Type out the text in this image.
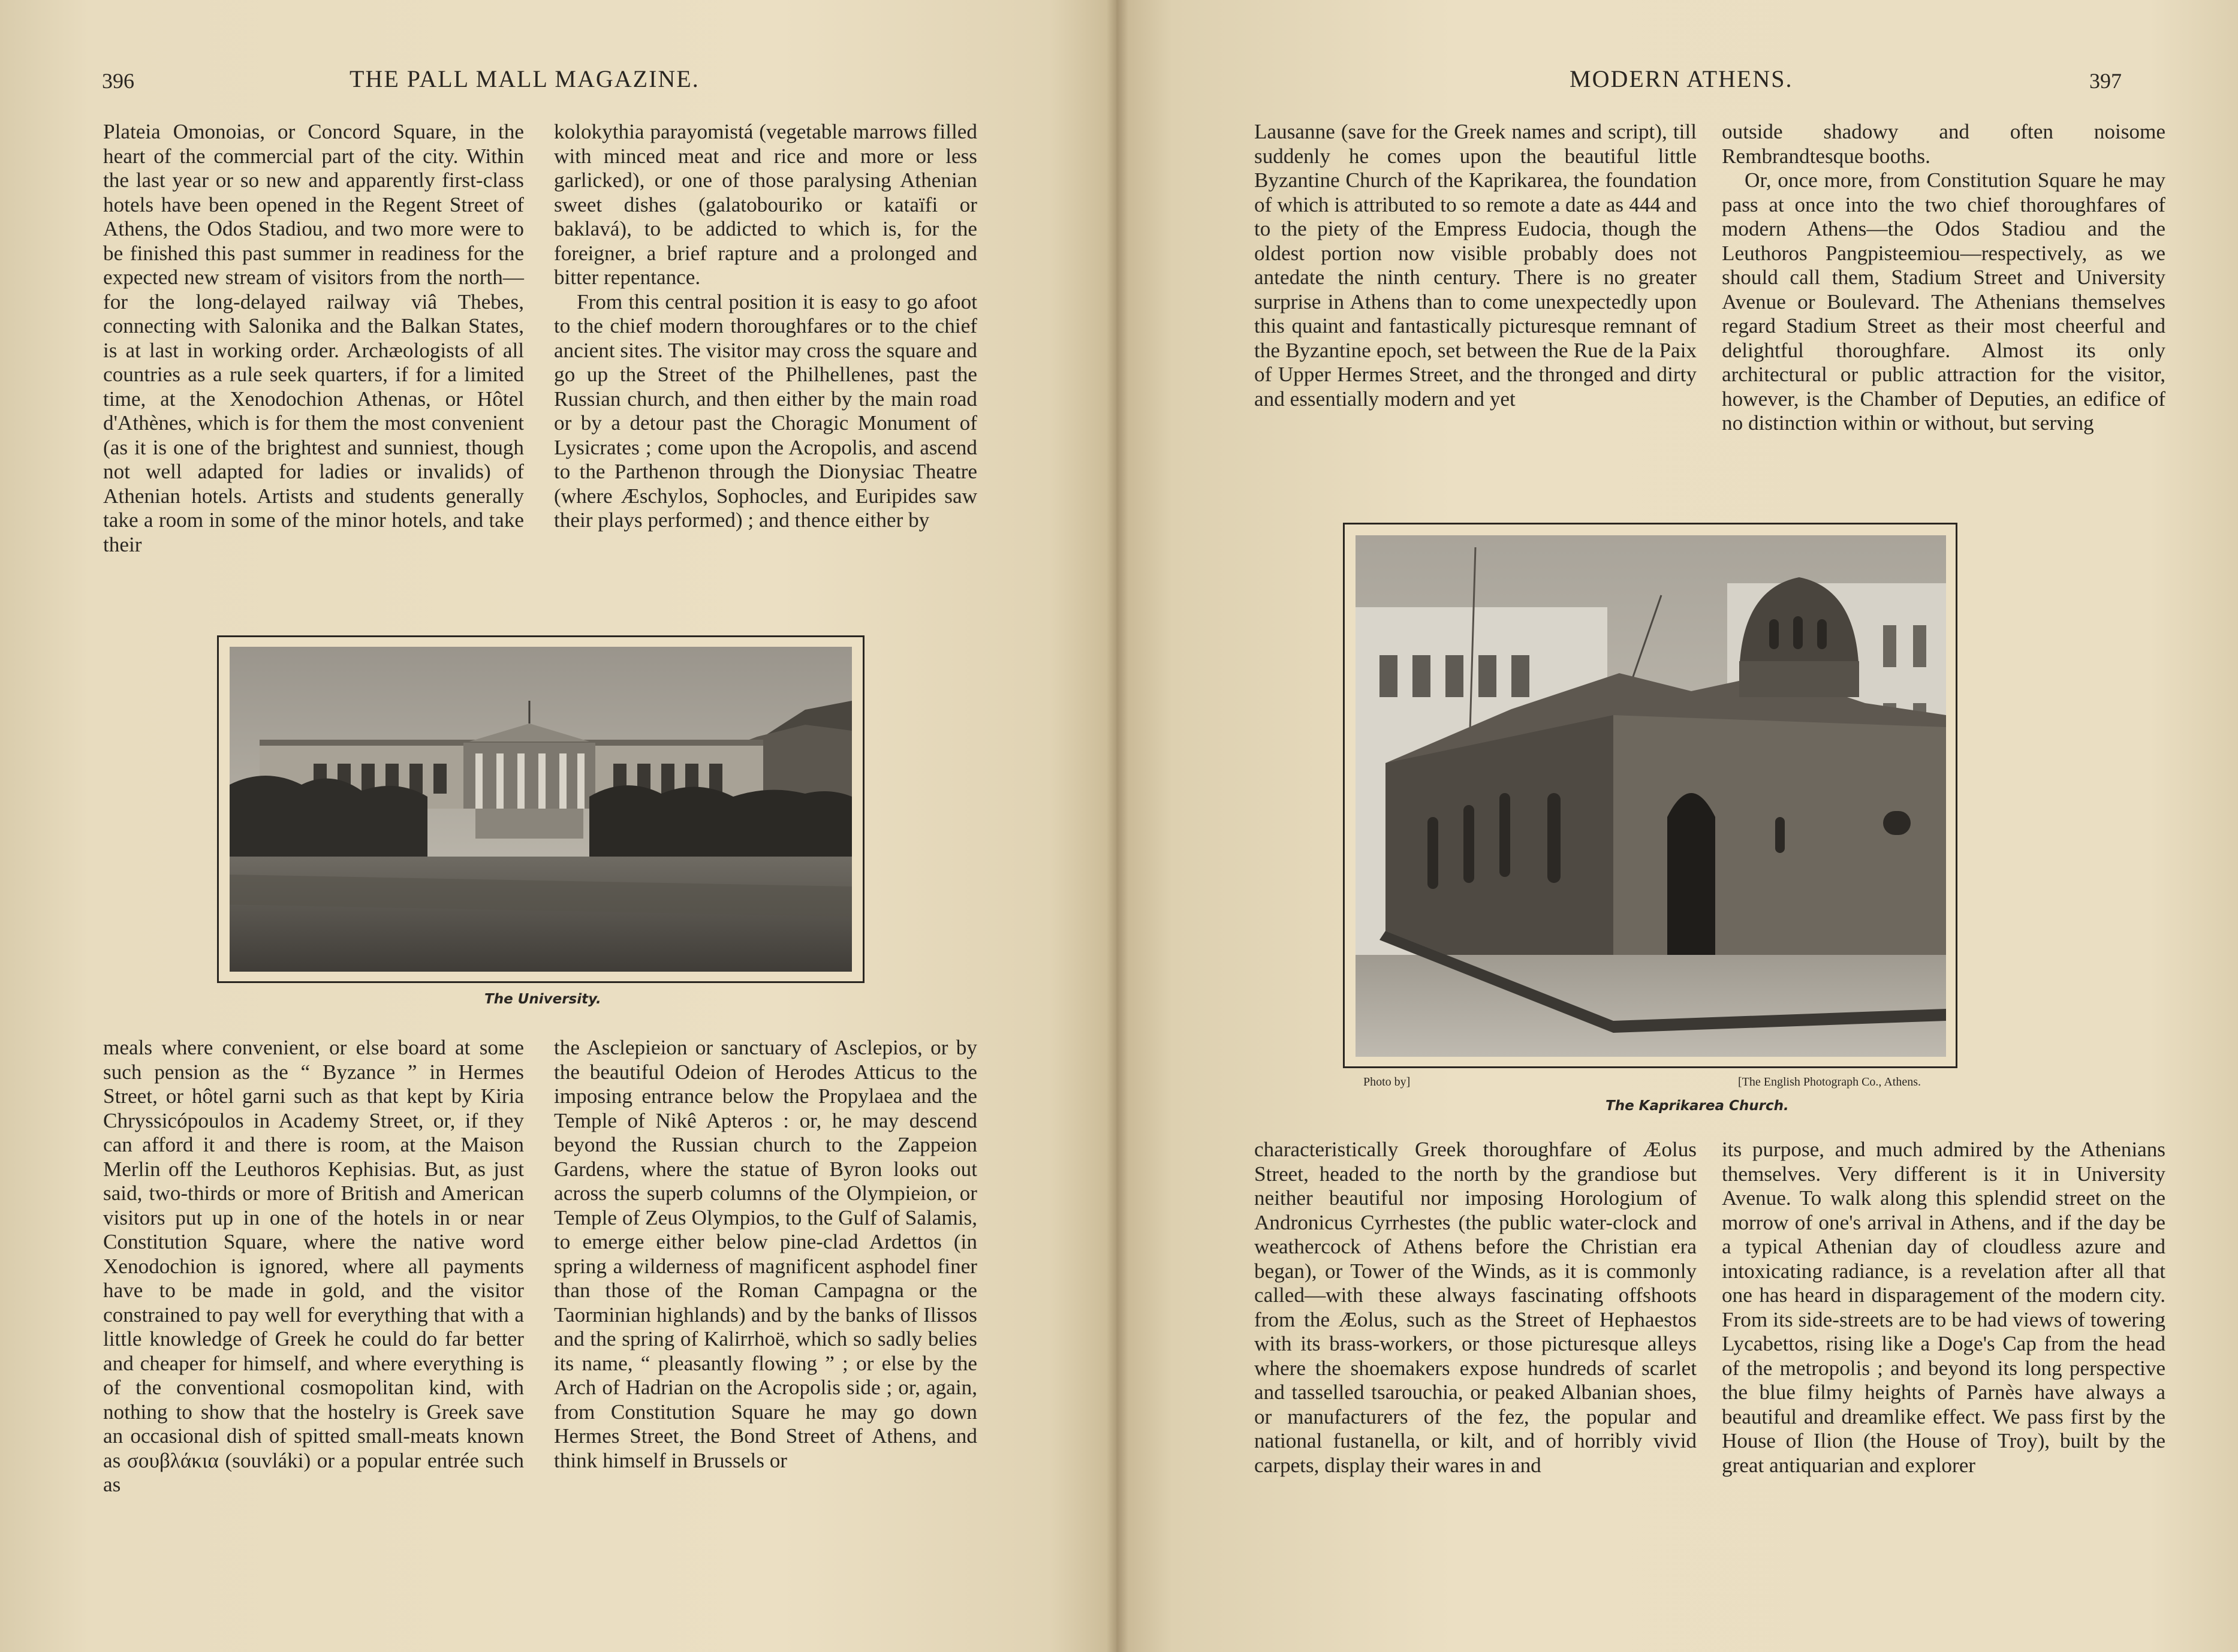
396	THE PALL MALL MAGAZINE.

Plateia Omonoias, or Concord Square, in the heart of the commercial part of the city. Within the last year or so new and apparently first-class hotels have been opened in the Regent Street of Athens, the Odos Stadiou, and two more were to be finished this past summer in readiness for the expected new stream of visitors from the north—for the long-delayed railway viâ Thebes, connecting with Salonika and the Balkan States, is at last in working order. Archæologists of all countries as a rule seek quarters, if for a limited time, at the Xenodochion Athenas, or Hôtel d'Athènes, which is for them the most convenient (as it is one of the brightest and sunniest, though not well adapted for ladies or invalids) of Athenian hotels. Artists and students generally take a room in some of the minor hotels, and take their

kolokythia parayomistá (vegetable marrows filled with minced meat and rice and more or less garlicked), or one of those paralysing Athenian sweet dishes (galatobouriko or kataïfi or baklavá), to be addicted to which is, for the foreigner, a brief rapture and a prolonged and bitter repentance.

From this central position it is easy to go afoot to the chief modern thoroughfares or to the chief ancient sites. The visitor may cross the square and go up the Street of the Philhellenes, past the Russian church, and then either by the main road or by a detour past the Choragic Monument of Lysicrates ; come upon the Acropolis, and ascend to the Parthenon through the Dionysiac Theatre (where Æschylos, Sophocles, and Euripides saw their plays performed) ; and thence either by

The University.

meals where convenient, or else board at some such pension as the “ Byzance ” in Hermes Street, or hôtel garni such as that kept by Kiria Chryssicópoulos in Academy Street, or, if they can afford it and there is room, at the Maison Merlin off the Leuthoros Kephisias. But, as just said, two-thirds or more of British and American visitors put up in one of the hotels in or near Constitution Square, where the native word Xenodochion is ignored, where all payments have to be made in gold, and the visitor constrained to pay well for everything that with a little knowledge of Greek he could do far better and cheaper for himself, and where everything is of the conventional cosmopolitan kind, with nothing to show that the hostelry is Greek save an occasional dish of spitted small-meats known as σουβλάκια (souvláki) or a popular entrée such as

the Asclepieion or sanctuary of Asclepios, or by the beautiful Odeion of Herodes Atticus to the imposing entrance below the Propylaea and the Temple of Nikê Apteros : or, he may descend beyond the Russian church to the Zappeion Gardens, where the statue of Byron looks out across the superb columns of the Olympieion, or Temple of Zeus Olympios, to the Gulf of Salamis, to emerge either below pine-clad Ardettos (in spring a wilderness of magnificent asphodel finer than those of the Roman Campagna or the Taorminian highlands) and by the banks of Ilissos and the spring of Kalirrhoë, which so sadly belies its name, “ pleasantly flowing ” ; or else by the Arch of Hadrian on the Acropolis side ; or, again, from Constitution Square he may go down Hermes Street, the Bond Street of Athens, and think himself in Brussels or

MODERN ATHENS.	397

Lausanne (save for the Greek names and script), till suddenly he comes upon the beautiful little Byzantine Church of the Kaprikarea, the foundation of which is attributed to so remote a date as 444 and to the piety of the Empress Eudocia, though the oldest portion now visible probably does not antedate the ninth century. There is no greater surprise in Athens than to come unexpectedly upon this quaint and fantastically picturesque remnant of the Byzantine epoch, set between the Rue de la Paix of Upper Hermes Street, and the thronged and dirty and essentially modern and yet

outside shadowy and often noisome Rembrandtesque booths.

Or, once more, from Constitution Square he may pass at once into the two chief thoroughfares of modern Athens—the Odos Stadiou and the Leuthoros Pangpisteemiou—respectively, as we should call them, Stadium Street and University Avenue or Boulevard. The Athenians themselves regard Stadium Street as their most cheerful and delightful thoroughfare. Almost its only architectural or public attraction for the visitor, however, is the Chamber of Deputies, an edifice of no distinction within or without, but serving

Photo by]	[The English Photograph Co., Athens.
The Kaprikarea Church.

characteristically Greek thoroughfare of Æolus Street, headed to the north by the grandiose but neither beautiful nor imposing Horologium of Andronicus Cyrrhestes (the public water-clock and weathercock of Athens before the Christian era began), or Tower of the Winds, as it is commonly called—with these always fascinating offshoots from the Æolus, such as the Street of Hephaestos with its brass-workers, or those picturesque alleys where the shoemakers expose hundreds of scarlet and tasselled tsarouchia, or peaked Albanian shoes, or manufacturers of the fez, the popular and national fustanella, or kilt, and of horribly vivid carpets, display their wares in and

its purpose, and much admired by the Athenians themselves. Very different is it in University Avenue. To walk along this splendid street on the morrow of one's arrival in Athens, and if the day be a typical Athenian day of cloudless azure and intoxicating radiance, is a revelation after all that one has heard in disparagement of the modern city. From its side-streets are to be had views of towering Lycabettos, rising like a Doge's Cap from the head of the metropolis ; and beyond its long perspective the blue filmy heights of Parnès have always a beautiful and dreamlike effect. We pass first by the House of Ilion (the House of Troy), built by the great antiquarian and explorer
